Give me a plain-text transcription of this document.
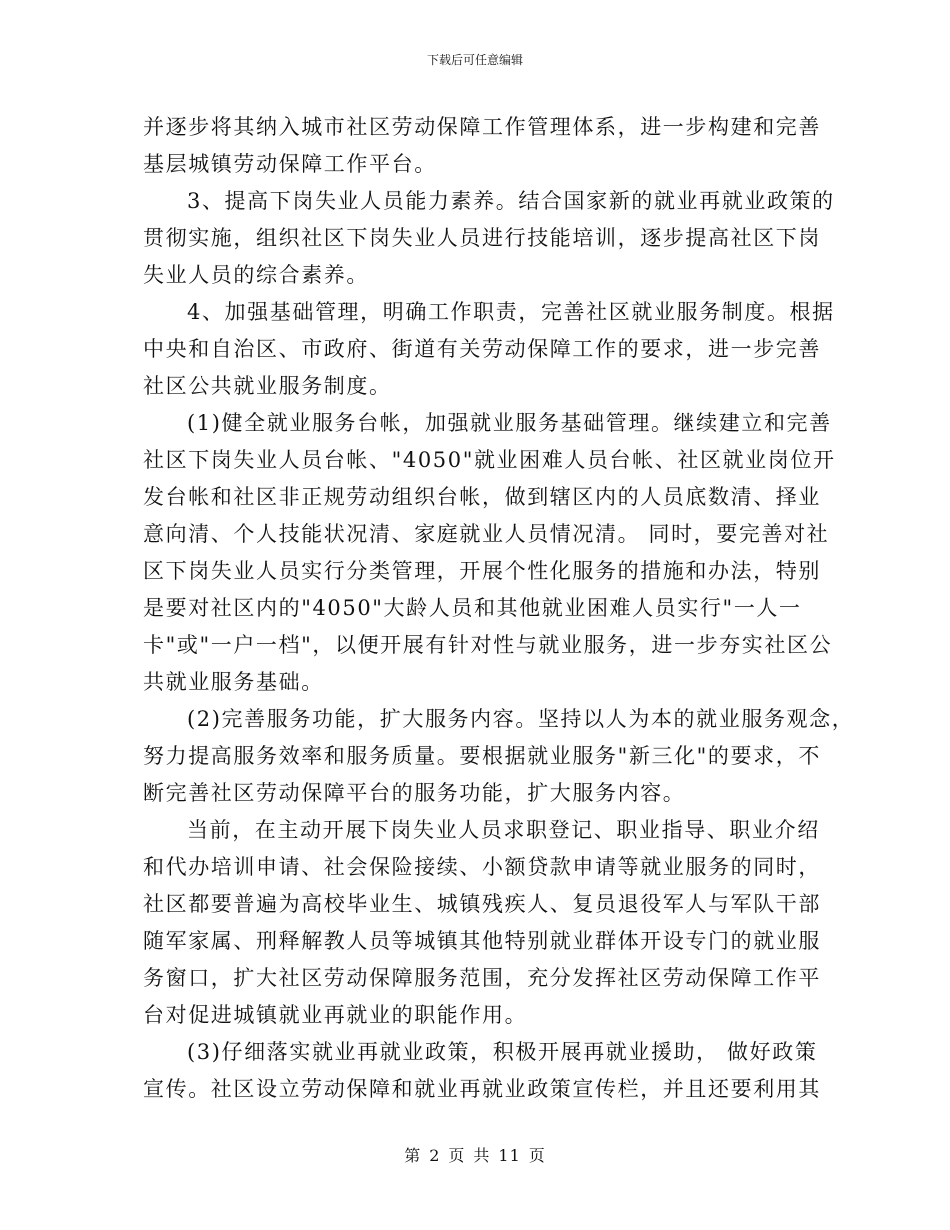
下载后可任意编辑
并逐步将其纳入城市社区劳动保障工作管理体系，进一步构建和完善
基层城镇劳动保障工作平台。
3、提高下岗失业人员能力素养。结合国家新的就业再就业政策的
贯彻实施，组织社区下岗失业人员进行技能培训，逐步提高社区下岗
失业人员的综合素养。
4、加强基础管理，明确工作职责，完善社区就业服务制度。根据
中央和自治区、市政府、街道有关劳动保障工作的要求，进一步完善
社区公共就业服务制度。
(1)健全就业服务台帐，加强就业服务基础管理。继续建立和完善
社区下岗失业人员台帐、"4050"就业困难人员台帐、社区就业岗位开
发台帐和社区非正规劳动组织台帐，做到辖区内的人员底数清、择业
意向清、个人技能状况清、家庭就业人员情况清。 同时，要完善对社
区下岗失业人员实行分类管理，开展个性化服务的措施和办法，特别
是要对社区内的"4050"大龄人员和其他就业困难人员实行"一人一
卡"或"一户一档"，以便开展有针对性与就业服务，进一步夯实社区公
共就业服务基础。
(2)完善服务功能，扩大服务内容。坚持以人为本的就业服务观念，
努力提高服务效率和服务质量。要根据就业服务"新三化"的要求，不
断完善社区劳动保障平台的服务功能，扩大服务内容。
当前，在主动开展下岗失业人员求职登记、职业指导、职业介绍
和代办培训申请、社会保险接续、小额贷款申请等就业服务的同时，
社区都要普遍为高校毕业生、城镇残疾人、复员退役军人与军队干部
随军家属、刑释解教人员等城镇其他特别就业群体开设专门的就业服
务窗口，扩大社区劳动保障服务范围，充分发挥社区劳动保障工作平
台对促进城镇就业再就业的职能作用。
(3)仔细落实就业再就业政策，积极开展再就业援助， 做好政策
宣传。社区设立劳动保障和就业再就业政策宣传栏，并且还要利用其
第 2 页 共 11 页
